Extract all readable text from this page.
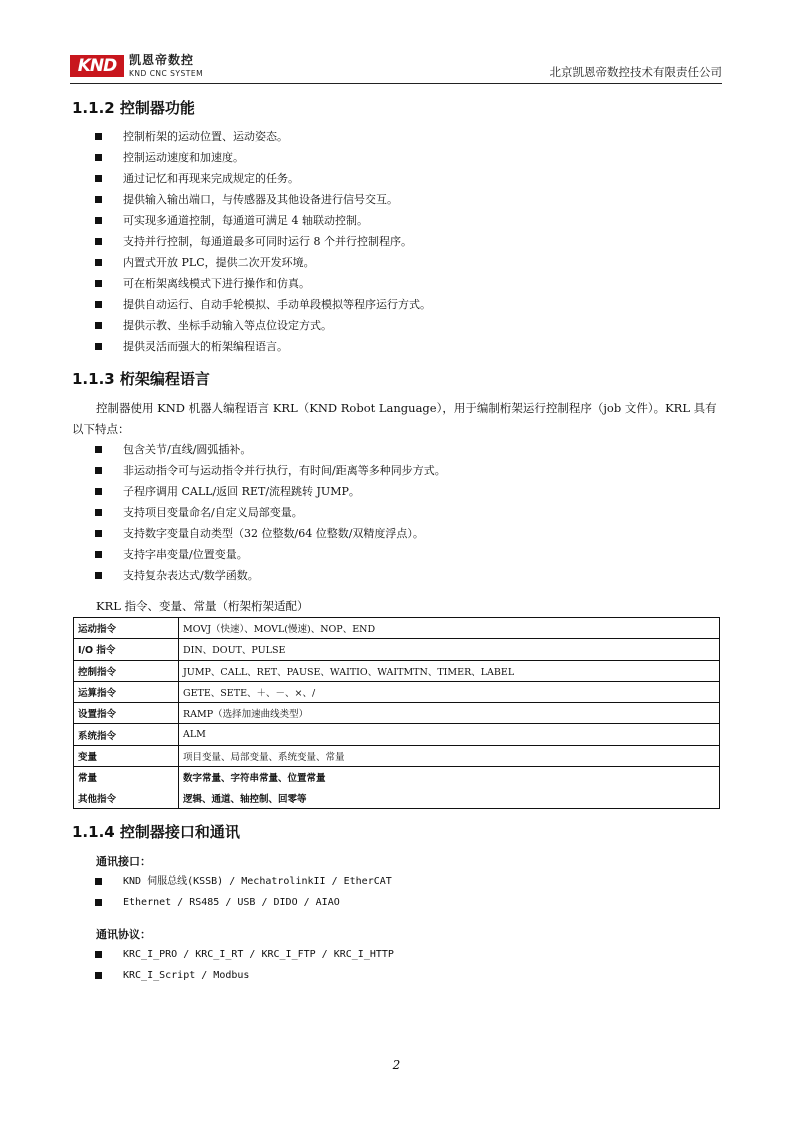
KND	凯恩帝数控
KND CNC SYSTEM	北京凯恩帝数控技术有限责任公司
1.1.2 控制器功能
控制桁架的运动位置、运动姿态。
控制运动速度和加速度。
通过记忆和再现来完成规定的任务。
提供输入输出端口，与传感器及其他设备进行信号交互。
可实现多通道控制，每通道可满足 4 轴联动控制。
支持并行控制，每通道最多可同时运行 8 个并行控制程序。
内置式开放 PLC，提供二次开发环境。
可在桁架离线模式下进行操作和仿真。
提供自动运行、自动手轮模拟、手动单段模拟等程序运行方式。
提供示教、坐标手动输入等点位设定方式。
提供灵活而强大的桁架编程语言。
1.1.3 桁架编程语言
控制器使用 KND 机器人编程语言 KRL（KND Robot Language），用于编制桁架运行控制程序（job 文件）。KRL 具有以下特点：
包含关节/直线/圆弧插补。
非运动指令可与运动指令并行执行，有时间/距离等多种同步方式。
子程序调用 CALL/返回 RET/流程跳转 JUMP。
支持项目变量命名/自定义局部变量。
支持数字变量自动类型（32 位整数/64 位整数/双精度浮点）。
支持字串变量/位置变量。
支持复杂表达式/数学函数。
KRL 指令、变量、常量（桁架桁架适配）
运动指令	MOVJ（快速）、MOVL(慢速)、NOP、END
I/O 指令	DIN、DOUT、PULSE
控制指令	JUMP、CALL、RET、PAUSE、WAITIO、WAITMTN、TIMER、LABEL
运算指令	GETE、SETE、＋、－、×、/
设置指令	RAMP（选择加速曲线类型）
系统指令	ALM
变量	项目变量、局部变量、系统变量、常量
常量	数字常量、字符串常量、位置常量
其他指令	逻辑、通道、轴控制、回零等
1.1.4 控制器接口和通讯
通讯接口：
KND 伺服总线(KSSB) / MechatrolinkII / EtherCAT
Ethernet / RS485 / USB / DIDO / AIAO
通讯协议：
KRC_I_PRO / KRC_I_RT / KRC_I_FTP / KRC_I_HTTP
KRC_I_Script / Modbus
2
